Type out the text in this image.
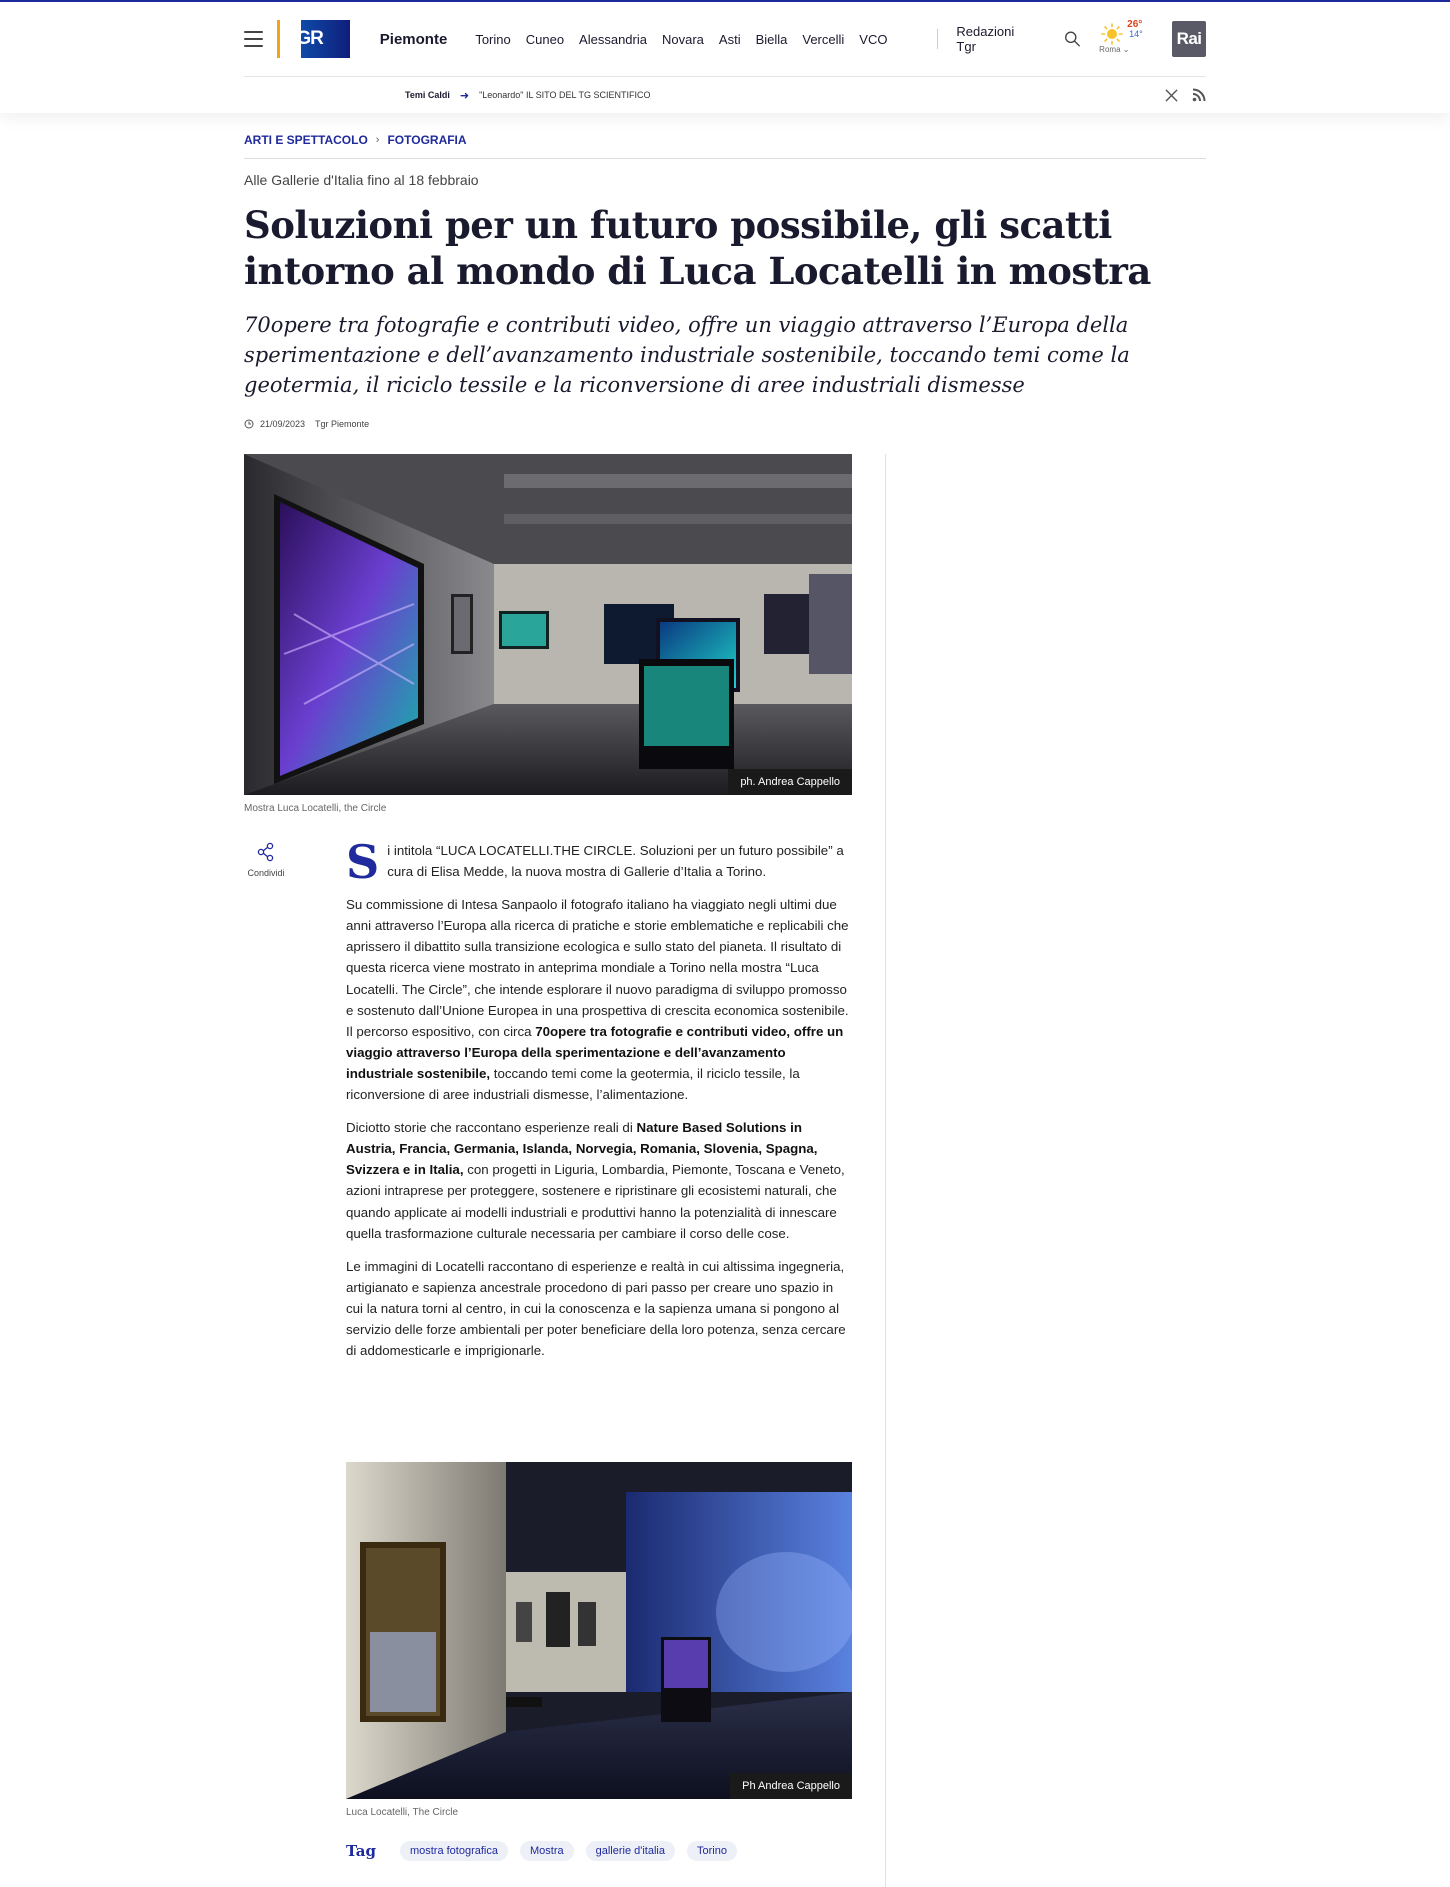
TGR	Piemonte Torino Cuneo Alessandria Novara Asti Biella Vercelli VCO	Redazioni Tgr
26°
14°
Roma ⌄
Rai
Temi Caldi ➜ "Leonardo" IL SITO DEL TG SCIENTIFICO
ARTI E SPETTACOLO › FOTOGRAFIA
Alle Gallerie d'Italia fino al 18 febbraio
Soluzioni per un futuro possibile, gli scatti intorno al mondo di Luca Locatelli in mostra
70opere tra fotografie e contributi video, offre un viaggio attraverso l’Europa della sperimentazione e dell’avanzamento industriale sostenibile, toccando temi come la geotermia, il riciclo tessile e la riconversione di aree industriali dismesse
21/09/2023 Tgr Piemonte
ph. Andrea Cappello
Mostra Luca Locatelli, the Circle
Condividi Si intitola “LUCA LOCATELLI.THE CIRCLE. Soluzioni per un futuro possibile” a cura di Elisa Medde, la nuova mostra di Gallerie d’Italia a Torino.

Su commissione di Intesa Sanpaolo il fotografo italiano ha viaggiato negli ultimi due anni attraverso l’Europa alla ricerca di pratiche e storie emblematiche e replicabili che aprissero il dibattito sulla transizione ecologica e sullo stato del pianeta. Il risultato di questa ricerca viene mostrato in anteprima mondiale a Torino nella mostra “Luca Locatelli. The Circle”, che intende esplorare il nuovo paradigma di sviluppo promosso e sostenuto dall’Unione Europea in una prospettiva di crescita economica sostenibile. Il percorso espositivo, con circa 70opere tra fotografie e contributi video, offre un viaggio attraverso l’Europa della sperimentazione e dell’avanzamento industriale sostenibile, toccando temi come la geotermia, il riciclo tessile, la riconversione di aree industriali dismesse, l’alimentazione.

Diciotto storie che raccontano esperienze reali di Nature Based Solutions in Austria, Francia, Germania, Islanda, Norvegia, Romania, Slovenia, Spagna, Svizzera e in Italia, con progetti in Liguria, Lombardia, Piemonte, Toscana e Veneto, azioni intraprese per proteggere, sostenere e ripristinare gli ecosistemi naturali, che quando applicate ai modelli industriali e produttivi hanno la potenzialità di innescare quella trasformazione culturale necessaria per cambiare il corso delle cose.

Le immagini di Locatelli raccontano di esperienze e realtà in cui altissima ingegneria, artigianato e sapienza ancestrale procedono di pari passo per creare uno spazio in cui la natura torni al centro, in cui la conoscenza e la sapienza umana si pongono al servizio delle forze ambientali per poter beneficiare della loro potenza, senza cercare di addomesticarle e imprigionarle.

Ph Andrea Cappello
Luca Locatelli, The Circle
Tag	mostra fotografica	Mostra	gallerie d'italia	Torino
